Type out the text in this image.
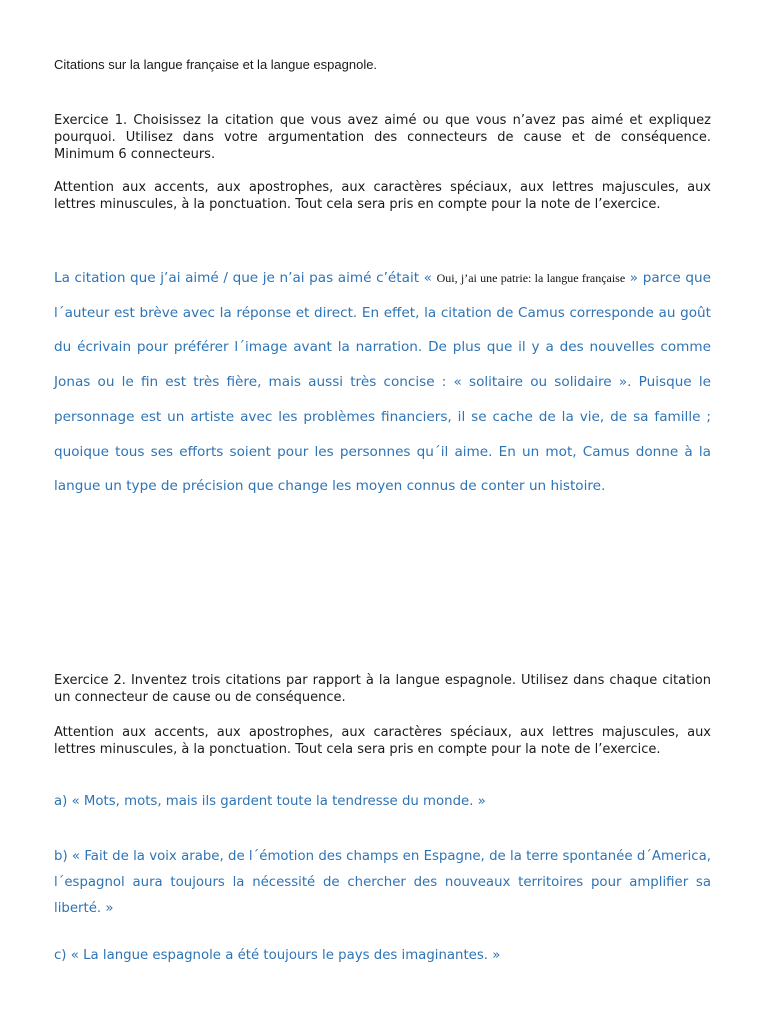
Citations sur la langue française et la langue espagnole.

Exercice 1. Choisissez la citation que vous avez aimé ou que vous n’avez pas aimé et expliquez pourquoi. Utilisez dans votre argumentation des connecteurs de cause et de conséquence. Minimum 6 connecteurs.

Attention aux accents, aux apostrophes, aux caractères spéciaux, aux lettres majuscules, aux lettres minuscules, à la ponctuation. Tout cela sera pris en compte pour la note de l’exercice.

La citation que j’ai aimé / que je n’ai pas aimé c’était « Oui, j’ai une patrie: la langue française » parce que l´auteur est brève avec la réponse et direct. En effet, la citation de Camus corresponde au goût du écrivain pour préférer l´image avant la narration. De plus que il y a des nouvelles comme Jonas ou le fin est très fière, mais aussi très concise : « solitaire ou solidaire ». Puisque le personnage est un artiste avec les problèmes financiers, il se cache de la vie, de sa famille ; quoique tous ses efforts soient pour les personnes qu´il aime. En un mot, Camus donne à la langue un type de précision que change les moyen connus de conter un histoire.

Exercice 2. Inventez trois citations par rapport à la langue espagnole. Utilisez dans chaque citation un connecteur de cause ou de conséquence.

Attention aux accents, aux apostrophes, aux caractères spéciaux, aux lettres majuscules, aux lettres minuscules, à la ponctuation. Tout cela sera pris en compte pour la note de l’exercice.

a) « Mots, mots, mais ils gardent toute la tendresse du monde. »

b) « Fait de la voix arabe, de l´émotion des champs en Espagne, de la terre spontanée d´America, l´espagnol aura toujours la nécessité de chercher des nouveaux territoires pour amplifier sa liberté. »

c) « La langue espagnole a été toujours le pays des imaginantes. »
